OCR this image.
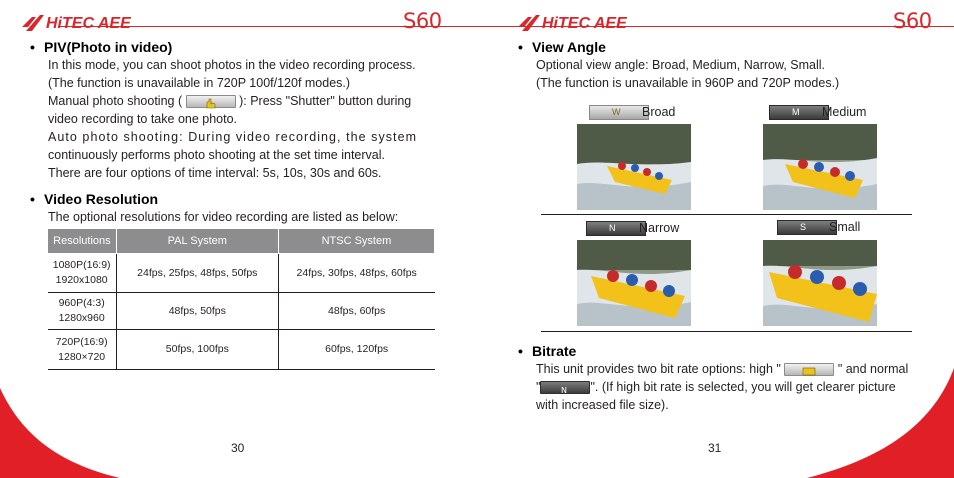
HiTEC AEE	S60
• PIV(Photo in video)

In this mode, you can shoot photos in the video recording process.

(The function is unavailable in 720P 100f/120f modes.)

Manual photo shooting (	): Press "Shutter" button during

video recording to take one photo.

Auto photo shooting: During video recording, the system

continuously performs photo shooting at the set time interval.

There are four options of time interval: 5s, 10s, 30s and 60s.

• Video Resolution
The optional resolutions for video recording are listed as below:
30
Resolutions	PAL System	NTSC System
1080P(16:9)
1920x1080	24fps, 25fps, 48fps, 50fps	24fps, 30fps, 48fps, 60fps
960P(4:3)
1280x960	48fps, 50fps	48fps, 60fps
720P(16:9)
1280×720	50fps, 100fps	60fps, 120fps
HiTEC AEE	S60
31
• View Angle

Optional view angle: Broad, Medium, Narrow, Small.

(The function is unavailable in 960P and 720P modes.)

W Broad	M Medium
N Narrow	S Small
• Bitrate

This unit provides two bit rate options: high "	" and normal

"	N ". (If high bit rate is selected, you will get clearer picture

with increased file size).
